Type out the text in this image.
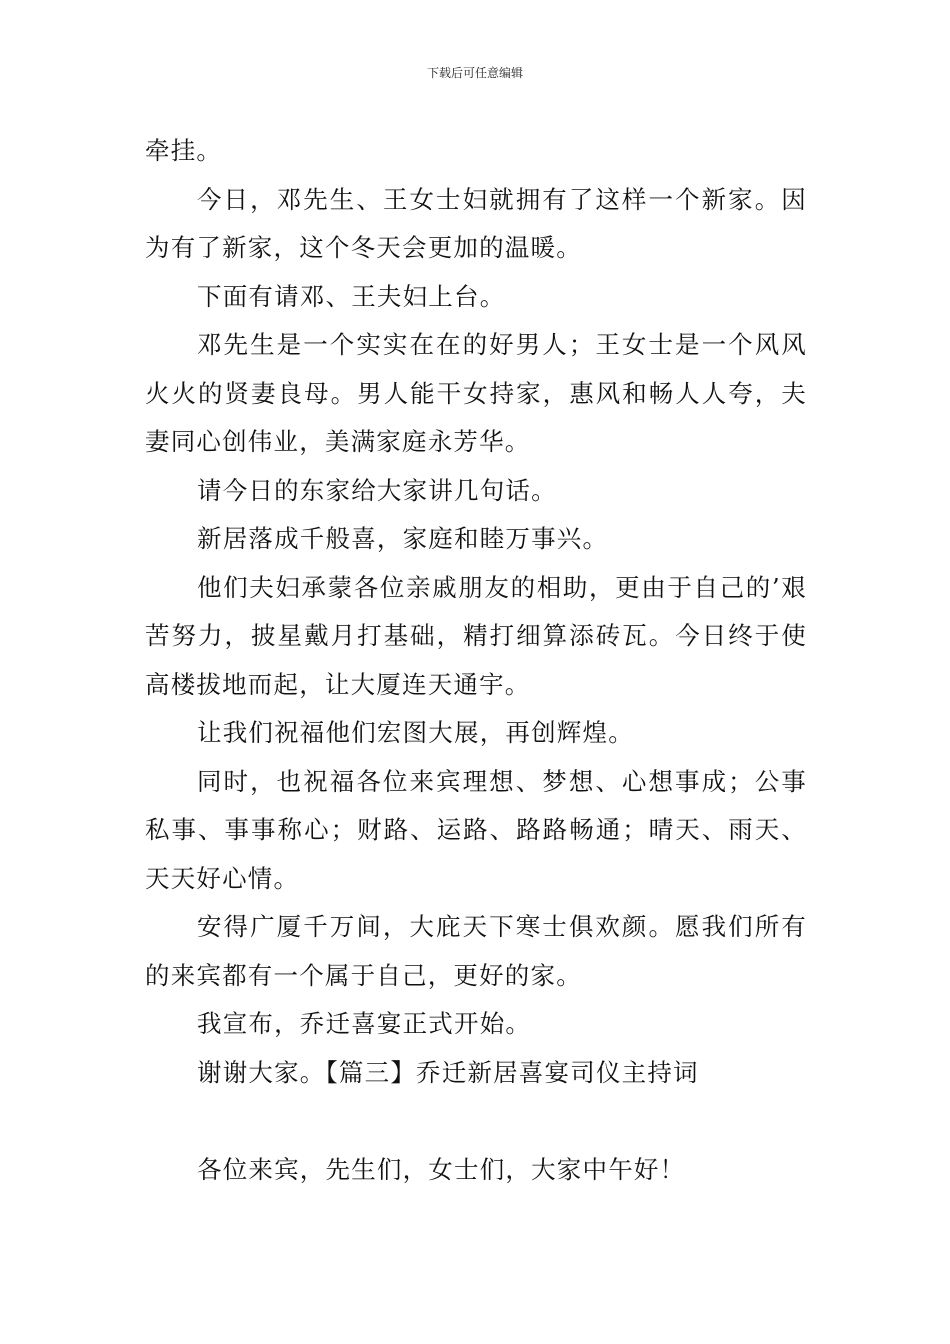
下载后可任意编辑

牵挂。

今日，邓先生、王女士妇就拥有了这样一个新家。因为有了新家，这个冬天会更加的温暖。

下面有请邓、王夫妇上台。

邓先生是一个实实在在的好男人；王女士是一个风风火火的贤妻良母。男人能干女持家，惠风和畅人人夸，夫妻同心创伟业，美满家庭永芳华。

请今日的东家给大家讲几句话。

新居落成千般喜，家庭和睦万事兴。

他们夫妇承蒙各位亲戚朋友的相助，更由于自己的’艰苦努力，披星戴月打基础，精打细算添砖瓦。今日终于使高楼拔地而起，让大厦连天通宇。

让我们祝福他们宏图大展，再创辉煌。

同时，也祝福各位来宾理想、梦想、心想事成；公事私事、事事称心；财路、运路、路路畅通；晴天、雨天、天天好心情。

安得广厦千万间，大庇天下寒士俱欢颜。愿我们所有的来宾都有一个属于自己，更好的家。

我宣布，乔迁喜宴正式开始。

谢谢大家。【篇三】乔迁新居喜宴司仪主持词

各位来宾，先生们，女士们，大家中午好！
